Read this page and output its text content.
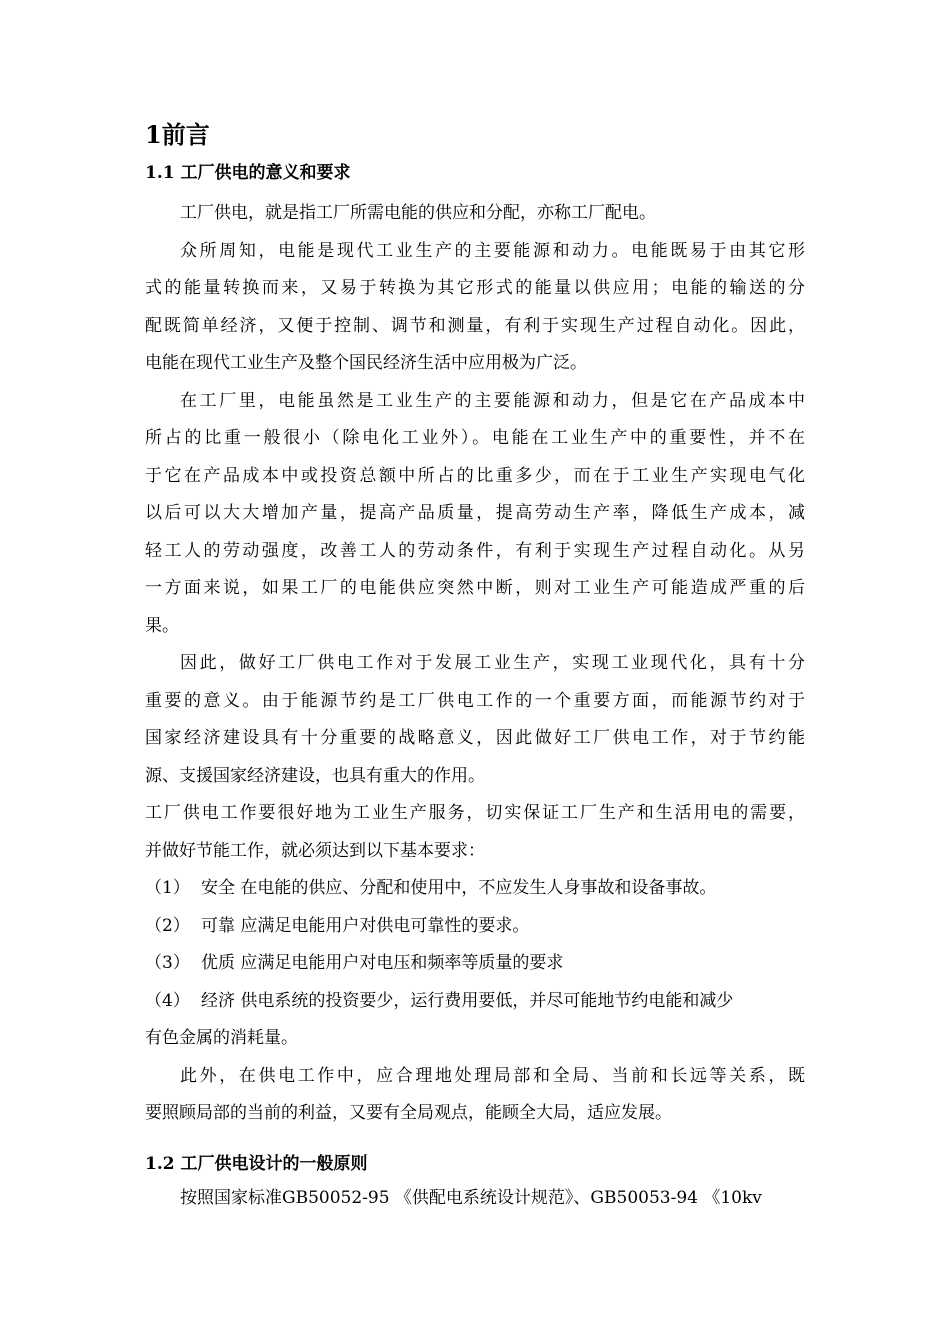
1前言
1.1 工厂供电的意义和要求
工厂供电，就是指工厂所需电能的供应和分配，亦称工厂配电。
众所周知，电能是现代工业生产的主要能源和动力。电能既易于由其它形
式的能量转换而来，又易于转换为其它形式的能量以供应用；电能的输送的分
配既简单经济，又便于控制、调节和测量，有利于实现生产过程自动化。因此，
电能在现代工业生产及整个国民经济生活中应用极为广泛。
在工厂里，电能虽然是工业生产的主要能源和动力，但是它在产品成本中
所占的比重一般很小（除电化工业外）。电能在工业生产中的重要性，并不在
于它在产品成本中或投资总额中所占的比重多少，而在于工业生产实现电气化
以后可以大大增加产量，提高产品质量，提高劳动生产率，降低生产成本，减
轻工人的劳动强度，改善工人的劳动条件，有利于实现生产过程自动化。从另
一方面来说，如果工厂的电能供应突然中断，则对工业生产可能造成严重的后
果。
因此，做好工厂供电工作对于发展工业生产，实现工业现代化，具有十分
重要的意义。由于能源节约是工厂供电工作的一个重要方面，而能源节约对于
国家经济建设具有十分重要的战略意义，因此做好工厂供电工作，对于节约能
源、支援国家经济建设，也具有重大的作用。
工厂供电工作要很好地为工业生产服务，切实保证工厂生产和生活用电的需要，
并做好节能工作，就必须达到以下基本要求：
（1） 安全 在电能的供应、分配和使用中，不应发生人身事故和设备事故。
（2） 可靠 应满足电能用户对供电可靠性的要求。
（3） 优质 应满足电能用户对电压和频率等质量的要求
（4） 经济 供电系统的投资要少，运行费用要低，并尽可能地节约电能和减少
有色金属的消耗量。
此外，在供电工作中，应合理地处理局部和全局、当前和长远等关系，既
要照顾局部的当前的利益，又要有全局观点，能顾全大局，适应发展。
1.2 工厂供电设计的一般原则
按照国家标准GB50052-95 《供配电系统设计规范》、GB50053-94 《10kv
